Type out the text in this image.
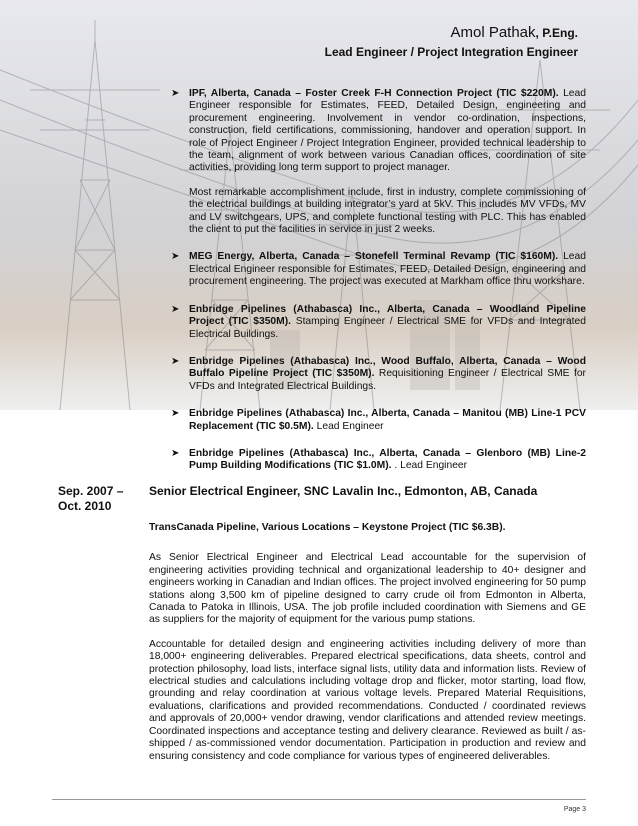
Amol Pathak, P.Eng.
Lead Engineer / Project Integration Engineer
➤ IPF, Alberta, Canada – Foster Creek F-H Connection Project (TIC $220M). Lead Engineer responsible for Estimates, FEED, Detailed Design, engineering and procurement engineering. Involvement in vendor co-ordination, inspections, construction, field certifications, commissioning, handover and operation support. In role of Project Engineer / Project Integration Engineer, provided technical leadership to the team, alignment of work between various Canadian offices, coordination of site activities, providing long term support to project manager.

Most remarkable accomplishment include, first in industry, complete commissioning of the electrical buildings at building integrator’s yard at 5kV. This includes MV VFDs, MV and LV switchgears, UPS, and complete functional testing with PLC. This has enabled the client to put the facilities in service in just 2 weeks.

➤ MEG Energy, Alberta, Canada – Stonefell Terminal Revamp (TIC $160M). Lead Electrical Engineer responsible for Estimates, FEED, Detailed Design, engineering and procurement engineering. The project was executed at Markham office thru workshare.

➤ Enbridge Pipelines (Athabasca) Inc., Alberta, Canada – Woodland Pipeline Project (TIC $350M). Stamping Engineer / Electrical SME for VFDs and Integrated Electrical Buildings.

➤ Enbridge Pipelines (Athabasca) Inc., Wood Buffalo, Alberta, Canada – Wood Buffalo Pipeline Project (TIC $350M). Requisitioning Engineer / Electrical SME for VFDs and Integrated Electrical Buildings.

➤ Enbridge Pipelines (Athabasca) Inc., Alberta, Canada – Manitou (MB) Line-1 PCV Replacement (TIC $0.5M). Lead Engineer

➤ Enbridge Pipelines (Athabasca) Inc., Alberta, Canada – Glenboro (MB) Line-2 Pump Building Modifications (TIC $1.0M). . Lead Engineer

Sep. 2007 – Oct. 2010
Senior Electrical Engineer, SNC Lavalin Inc., Edmonton, AB, Canada

TransCanada Pipeline, Various Locations – Keystone Project (TIC $6.3B).

As Senior Electrical Engineer and Electrical Lead accountable for the supervision of engineering activities providing technical and organizational leadership to 40+ designer and engineers working in Canadian and Indian offices. The project involved engineering for 50 pump stations along 3,500 km of pipeline designed to carry crude oil from Edmonton in Alberta, Canada to Patoka in Illinois, USA. The job profile included coordination with Siemens and GE as suppliers for the majority of equipment for the various pump stations.

Accountable for detailed design and engineering activities including delivery of more than 18,000+ engineering deliverables. Prepared electrical specifications, data sheets, control and protection philosophy, load lists, interface signal lists, utility data and information lists. Review of electrical studies and calculations including voltage drop and flicker, motor starting, load flow, grounding and relay coordination at various voltage levels. Prepared Material Requisitions, evaluations, clarifications and provided recommendations. Conducted / coordinated reviews and approvals of 20,000+ vendor drawing, vendor clarifications and attended review meetings. Coordinated inspections and acceptance testing and delivery clearance. Reviewed as built / as-shipped / as-commissioned vendor documentation. Participation in production and review and ensuring consistency and code compliance for various types of engineered deliverables.

Page 3
